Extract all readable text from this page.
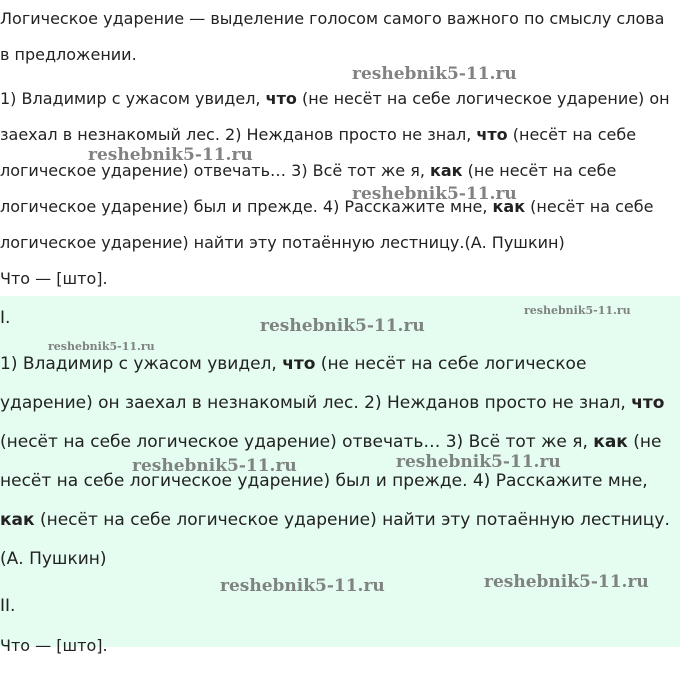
Логическое ударение — выделение голосом самого важного по смыслу слова
в предложении.
1) Владимир с ужасом увидел, что (не несёт на себе логическое ударение) он
заехал в незнакомый лес. 2) Нежданов просто не знал, что (несёт на себе
логическое ударение) отвечать… 3) Всё тот же я, как (не несёт на себе
логическое ударение) был и прежде. 4) Расскажите мне, как (несёт на себе
логическое ударение) найти эту потаённую лестницу.(А. Пушкин)
Что — [што].
I.
1) Владимир с ужасом увидел, что (не несёт на себе логическое
ударение) он заехал в незнакомый лес. 2) Нежданов просто не знал, что
(несёт на себе логическое ударение) отвечать… 3) Всё тот же я, как (не
несёт на себе логическое ударение) был и прежде. 4) Расскажите мне,
как (несёт на себе логическое ударение) найти эту потаённую лестницу.
(А. Пушкин)
II.
Что — [што].
reshebnik5-11.ru
reshebnik5-11.ru
reshebnik5-11.ru
reshebnik5-11.ru
reshebnik5-11.ru
reshebnik5-11.ru
reshebnik5-11.ru	reshebnik5-11.ru
reshebnik5-11.ru	reshebnik5-11.ru
